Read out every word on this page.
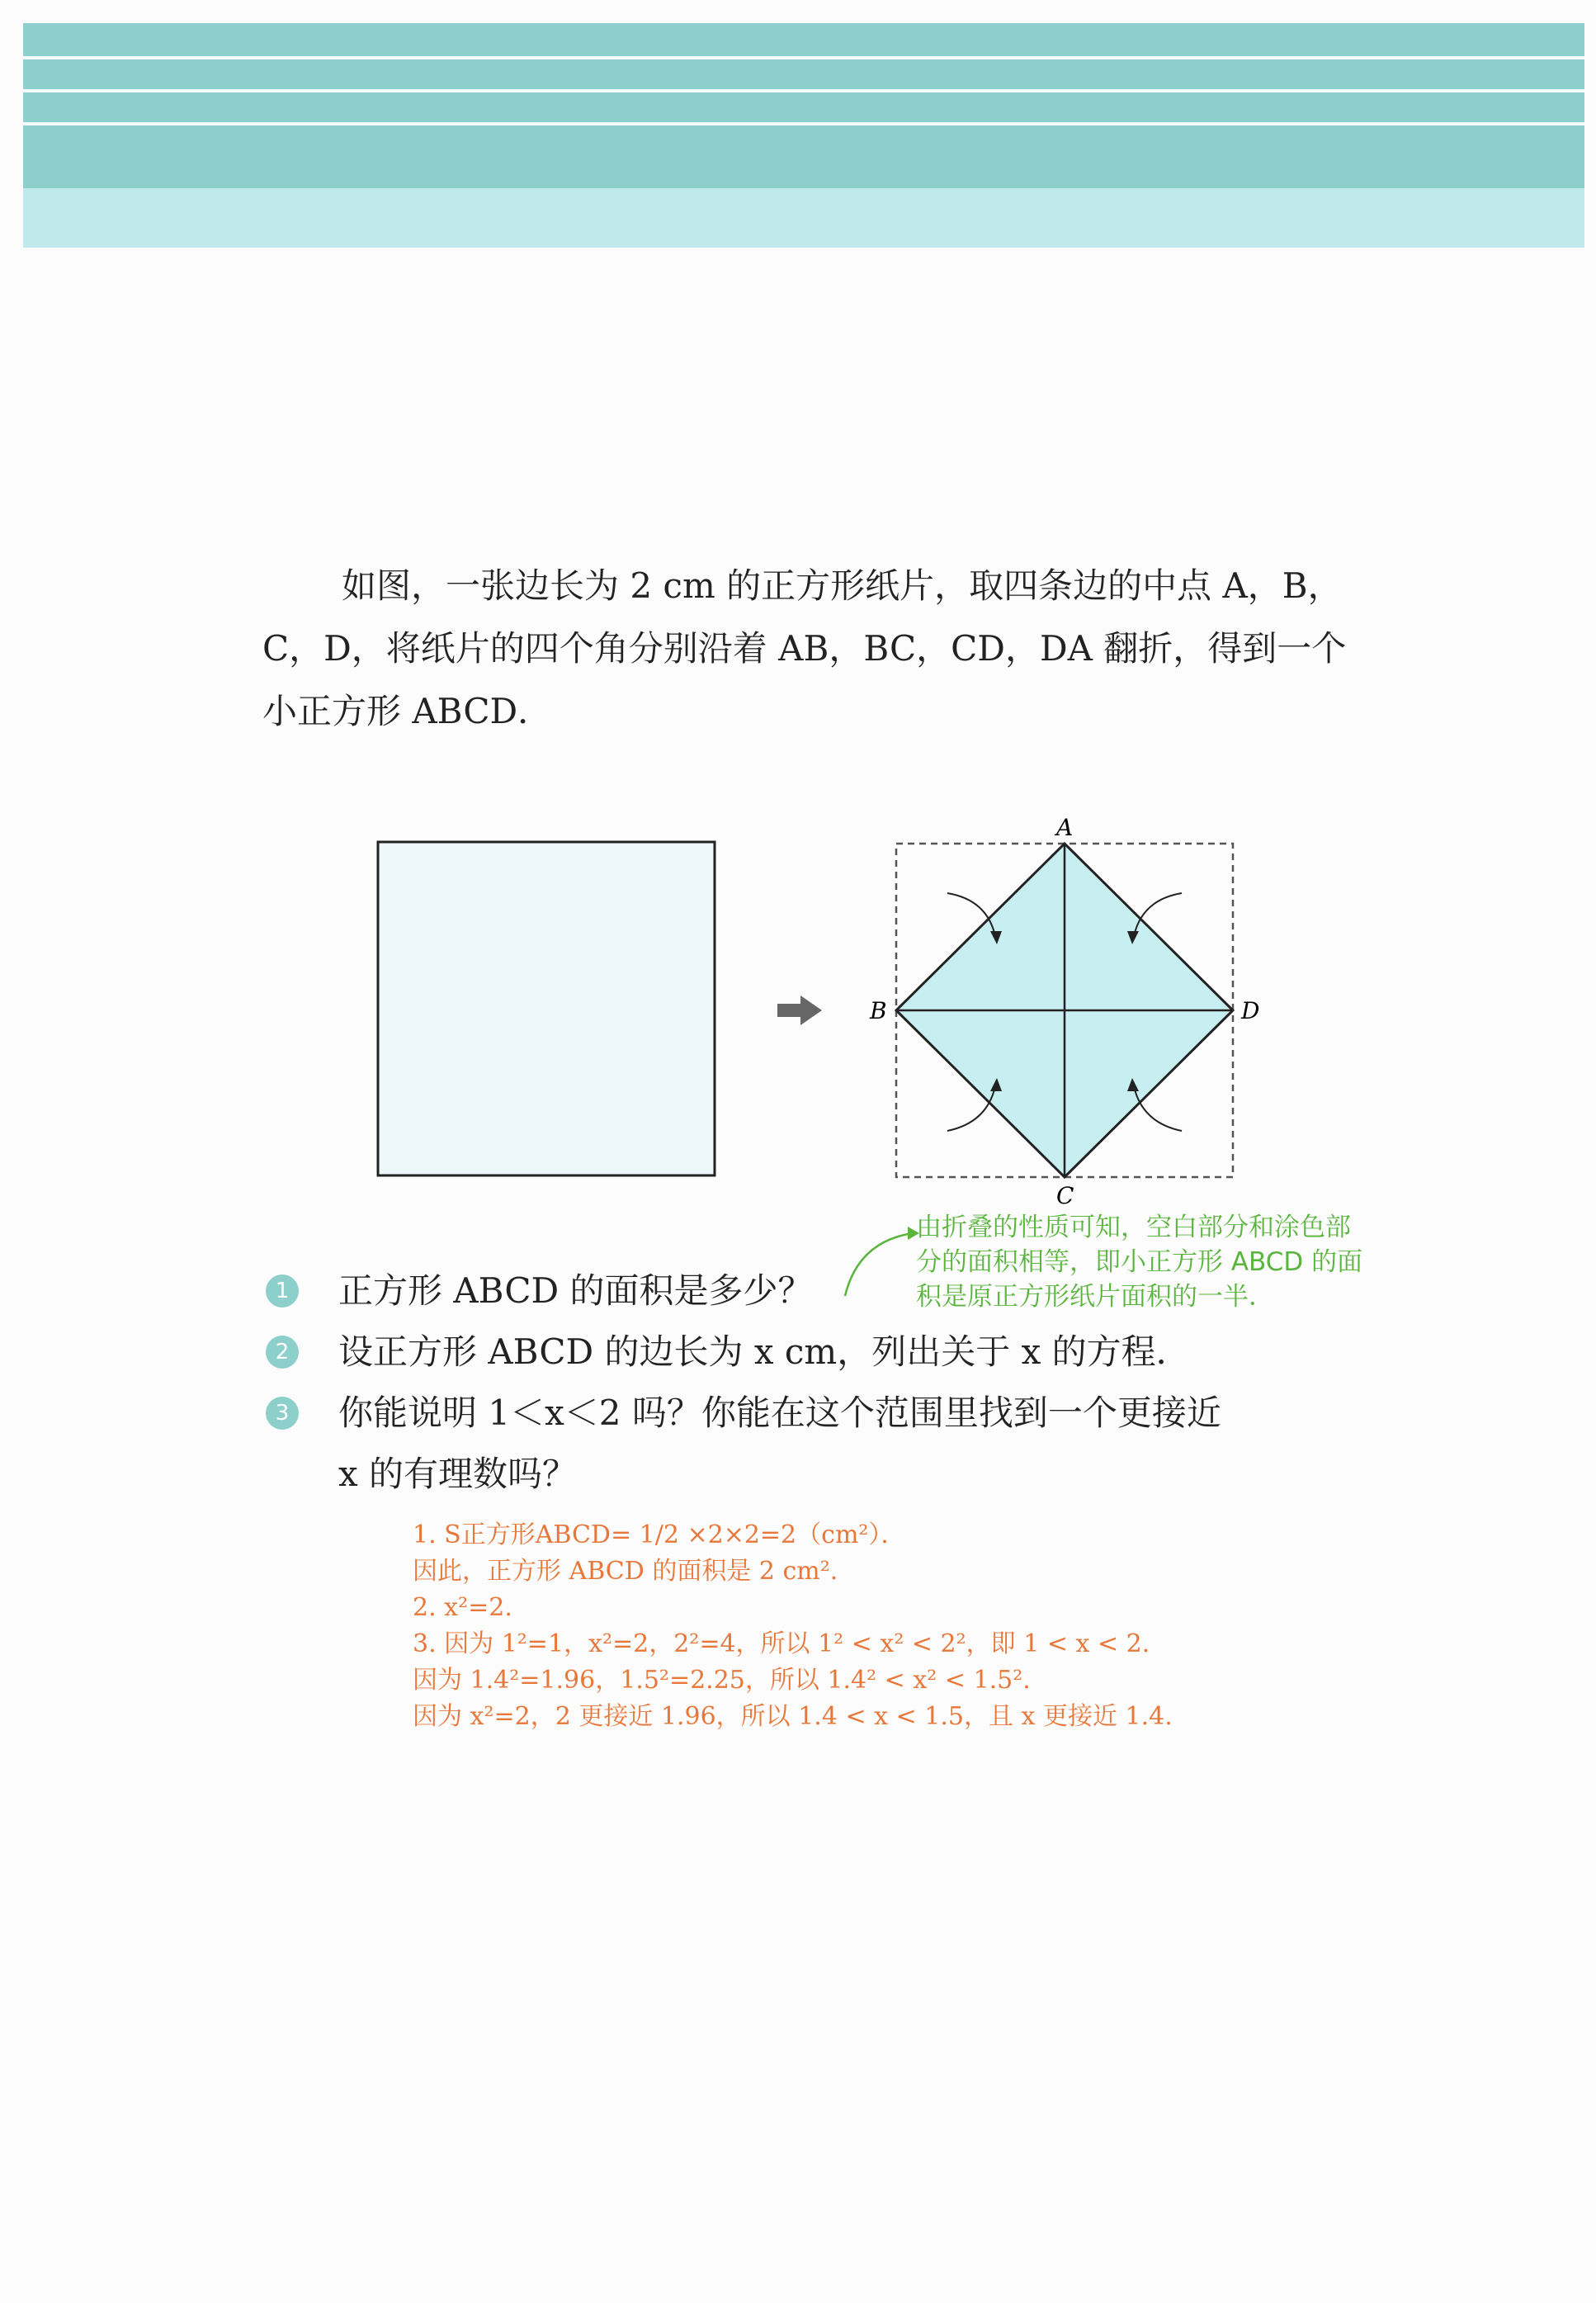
如图，一张边长为 2 cm 的正方形纸片，取四条边的中点 A，B，
C，D，将纸片的四个角分别沿着 AB，BC，CD，DA 翻折，得到一个
小正方形 ABCD．
A
B
C
D
由折叠的性质可知，空白部分和涂色部
分的面积相等，即小正方形 ABCD 的面
积是原正方形纸片面积的一半．
1 正方形 ABCD 的面积是多少？
2 设正方形 ABCD 的边长为 x cm，列出关于 x 的方程．
3 你能说明 1＜x＜2 吗？你能在这个范围里找到一个更接近
x 的有理数吗？
1. S正方形ABCD= 1/2 ×2×2=2（cm²）．
因此，正方形 ABCD 的面积是 2 cm².
2. x²=2.
3. 因为 1²=1，x²=2，2²=4，所以 1² < x² < 2²，即 1 < x < 2.
因为 1.4²=1.96，1.5²=2.25，所以 1.4² < x² < 1.5².
因为 x²=2，2 更接近 1.96，所以 1.4 < x < 1.5，且 x 更接近 1.4.
